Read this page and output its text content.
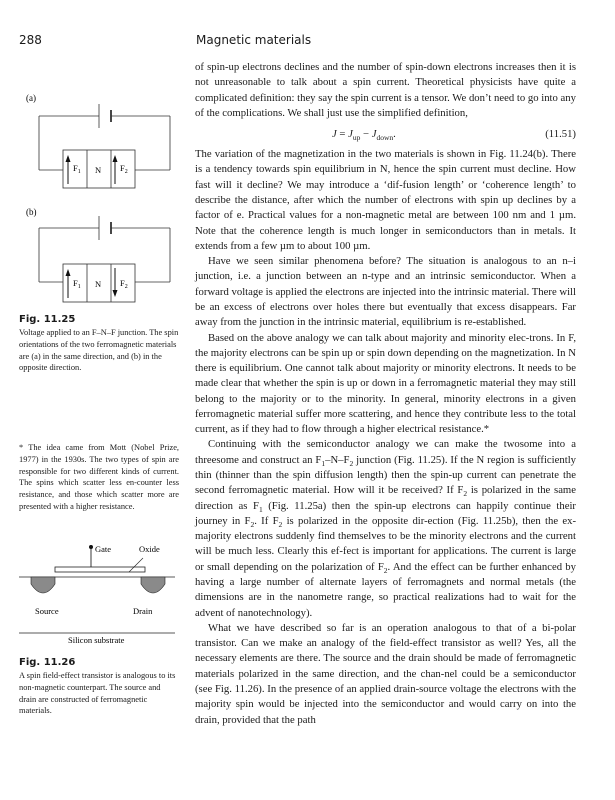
288	Magnetic materials
(a)
$F_1$ N $F_2$
(b)
$F_1$ N $F_2$
Fig. 11.25
Voltage applied to an F–N–F junction. The spin orientations of the two ferromagnetic materials are (a) in the same direction, and (b) in the opposite direction.
* The idea came from Mott (Nobel Prize, 1977) in the 1930s. The two types of spin are responsible for two different kinds of current. The spins which scatter less en-counter less resistance, and those which scatter more are presented with a higher resistance.
Gate	Oxide
Source	Drain
Silicon substrate
Fig. 11.26
A spin field-effect transistor is analogous to its non-magnetic counterpart. The source and drain are constructed of ferromagnetic materials.

of spin-up electrons declines and the number of spin-down electrons increases then it is not unreasonable to talk about a spin current. Theoretical physicists have quite a complicated definition: they say the spin current is a tensor. We don’t need to go into any of the complications. We shall just use the simplified definition,

$J = J_{up} - J_{down}$.	(11.51)

The variation of the magnetization in the two materials is shown in Fig. 11.24(b). There is a tendency towards spin equilibrium in N, hence the spin current must decline. How fast will it decline? We may introduce a ‘dif-fusion length’ or ‘coherence length’ to describe the distance, after which the number of electrons with spin up declines by a factor of e. Practical values for a non-magnetic metal are between 100 nm and 1 µm. Note that the coherence length is much longer in semiconductors than in metals. It extends from a few µm to about 100 µm.

Have we seen similar phenomena before? The situation is analogous to an n–i junction, i.e. a junction between an n-type and an intrinsic semiconductor. When a forward voltage is applied the electrons are injected into the intrinsic material. There will be an excess of electrons over holes there but eventually that excess disappears. Far away from the junction in the intrinsic material, equilibrium is re-established.

Based on the above analogy we can talk about majority and minority elec-trons. In F, the majority electrons can be spin up or spin down depending on the magnetization. In N there is equilibrium. One cannot talk about majority or minority electrons. It needs to be made clear that whether the spin is up or down in a ferromagnetic material they may still belong to the majority or to the minority. In general, minority electrons in a given ferromagnetic material suffer more scattering, and hence they contribute less to the total current, as if they had to flow through a higher electrical resistance.*

Continuing with the semiconductor analogy we can make the twosome into a threesome and construct an $F_1-N-F_2$ junction (Fig. 11.25). If the N region is sufficiently thin (thinner than the spin diffusion length) then the spin-up current can penetrate the second ferromagnetic material. How will it be received? If $F_2$ is polarized in the same direction as $F_1$ (Fig. 11.25a) then the spin-up electrons can happily continue their journey in $F_2$. If $F_2$ is polarized in the opposite dir-ection (Fig. 11.25b), then the ex-majority electrons suddenly find themselves to be the minority electrons and the current will be much less. Clearly this ef-fect is important for applications. The current is large or small depending on the polarization of $F_2$. And the effect can be further enhanced by having a large number of alternate layers of ferromagnets and normal metals (the dimensions are in the nanometre range, so practical realizations had to wait for the advent of nanotechnology).

What we have described so far is an operation analogous to that of a bi-polar transistor. Can we make an analogy of the field-effect transistor as well? Yes, all the necessary elements are there. The source and the drain should be made of ferromagnetic materials polarized in the same direction, and the chan-nel could be a semiconductor (see Fig. 11.26). In the presence of an applied drain-source voltage the electrons with the majority spin would be injected into the semiconductor and would carry on into the drain, provided that the path
